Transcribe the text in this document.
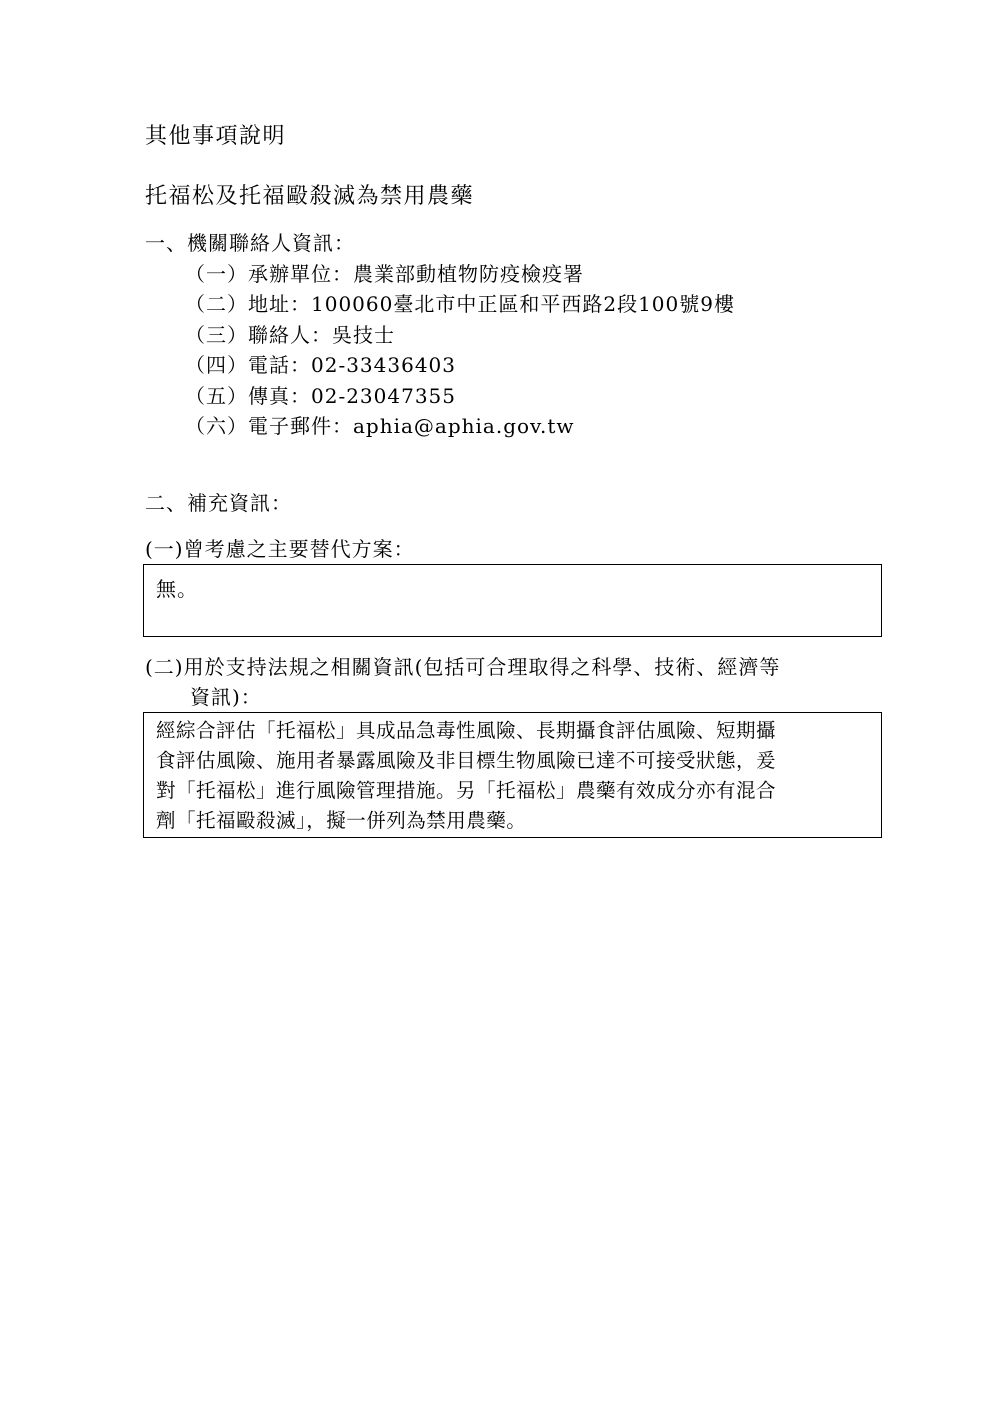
其他事項說明
托福松及托福毆殺滅為禁用農藥
一、機關聯絡人資訊：
（一）承辦單位：農業部動植物防疫檢疫署
（二）地址：100060臺北市中正區和平西路2段100號9樓
（三）聯絡人：吳技士
（四）電話：02-33436403
（五）傳真：02-23047355
（六）電子郵件：aphia@aphia.gov.tw
二、補充資訊：
(一)曾考慮之主要替代方案：
無。
(二)用於支持法規之相關資訊(包括可合理取得之科學、技術、經濟等
資訊)：
經綜合評估「托福松」具成品急毒性風險、長期攝食評估風險、短期攝
食評估風險、施用者暴露風險及非目標生物風險已達不可接受狀態，爰
對「托福松」進行風險管理措施。另「托福松」農藥有效成分亦有混合
劑「托福毆殺滅」，擬一併列為禁用農藥。
